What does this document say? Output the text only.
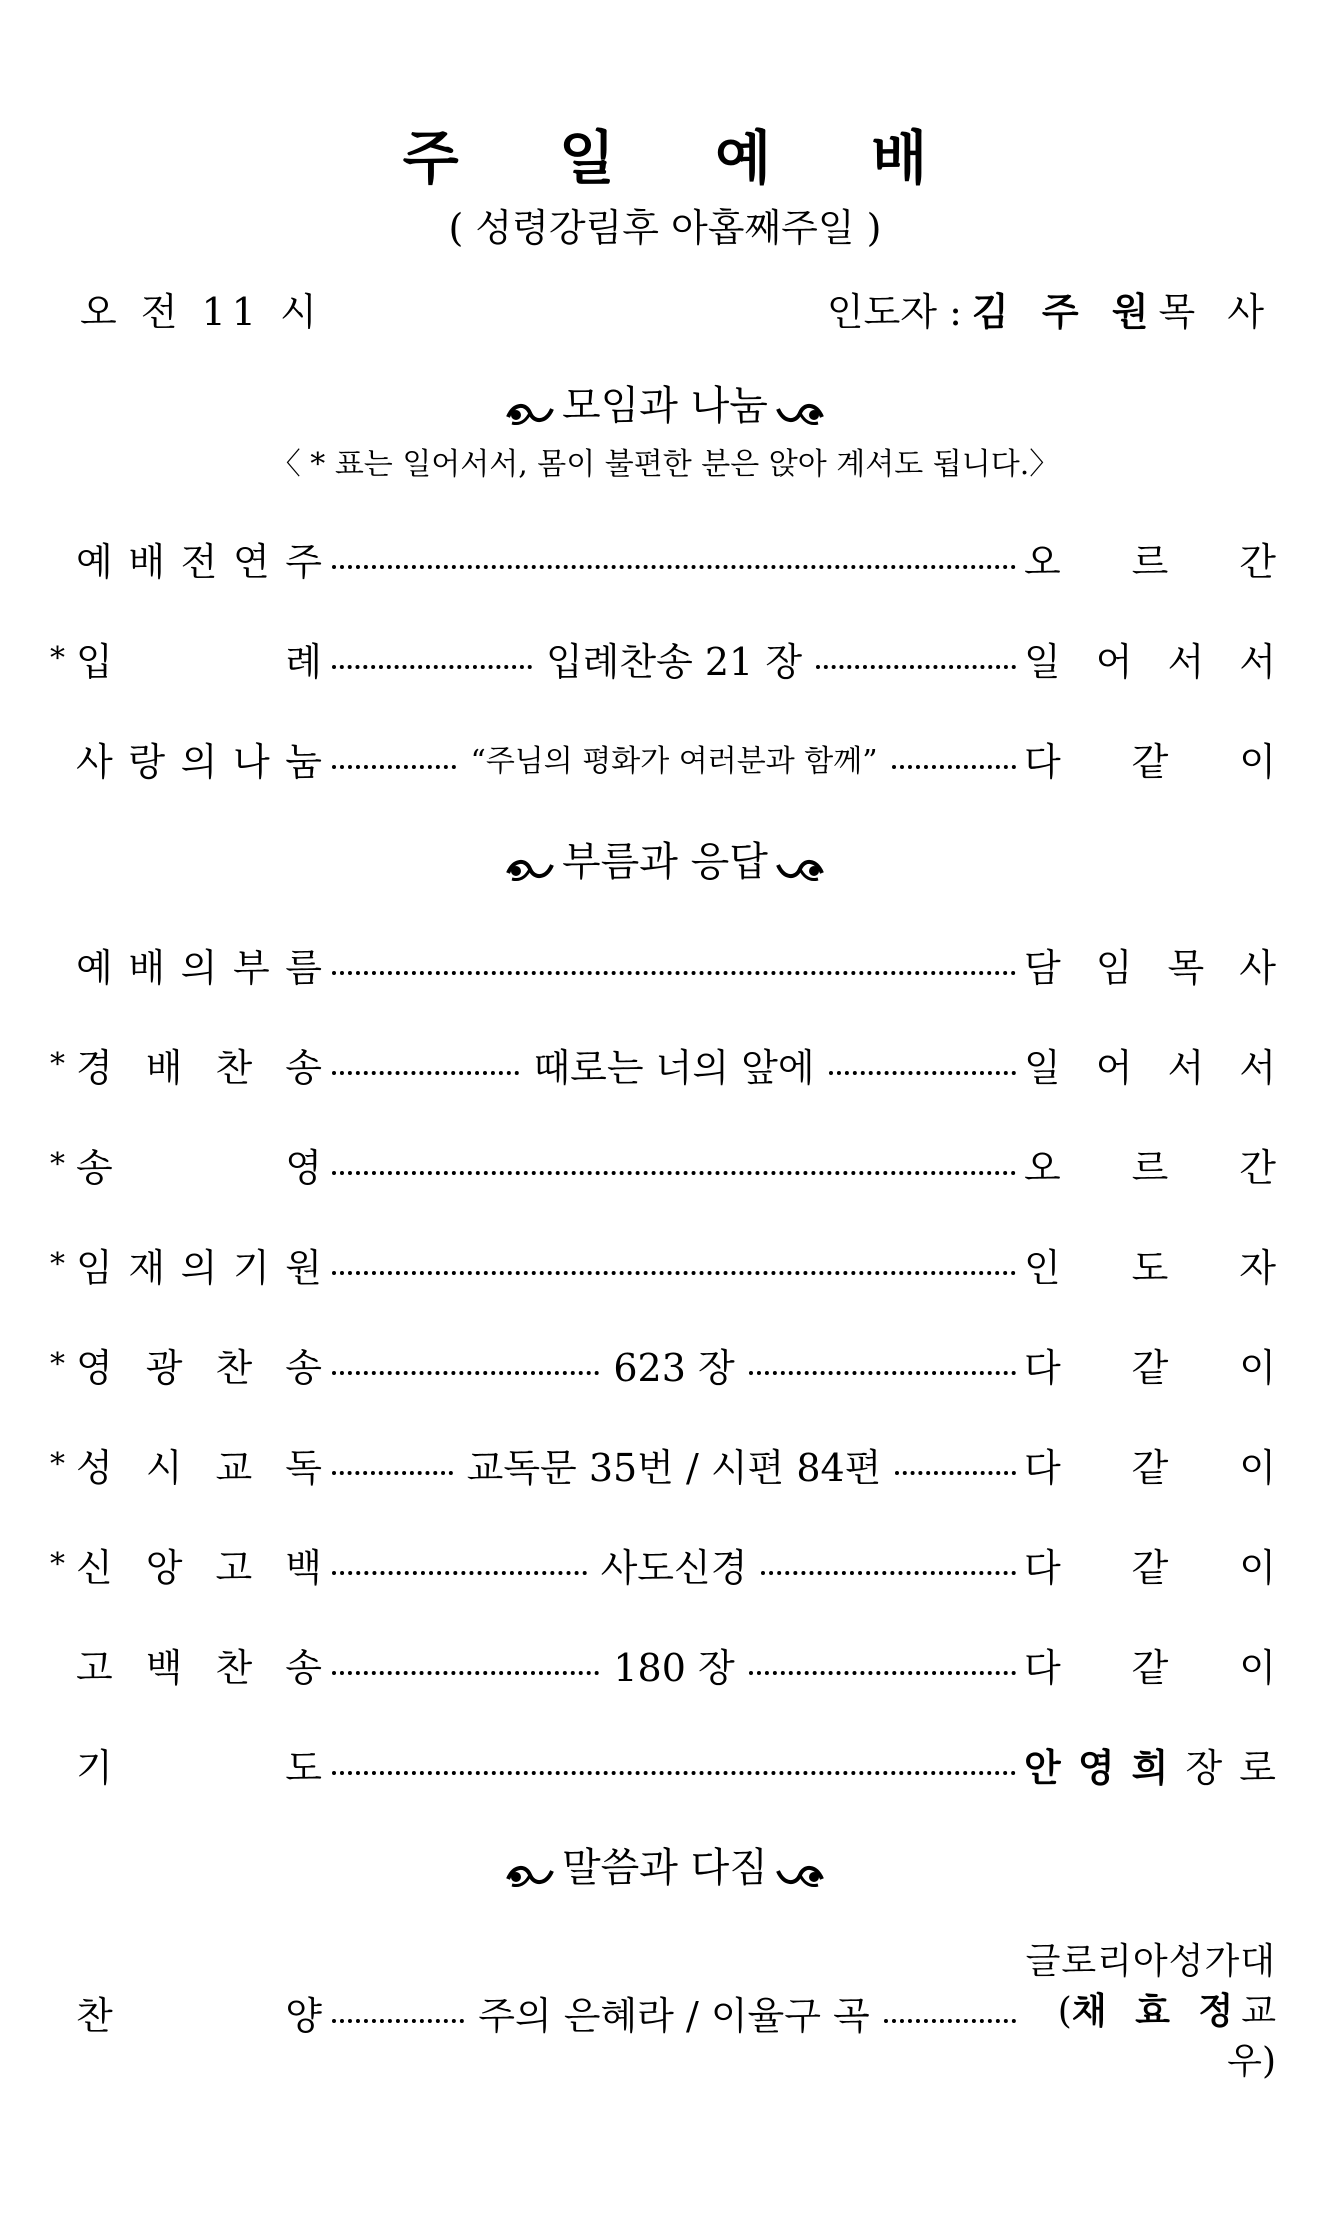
주 일 예 배
( 성령강림후 아홉째주일 )
오 전 11 시	인도자 : 김 주 원 목 사
모임과 나눔
〈 * 표는 일어서서, 몸이 불편한 분은 앉아 계셔도 됩니다.〉
예 배 전 연 주	오 르 간
* 입	례	입례찬송 21 장	일 어 서 서
사 랑 의 나 눔	“주님의 평화가 여러분과 함께”	다 같 이
부름과 응답
예 배 의 부 름	담 임 목 사
* 경 배 찬 송	때로는 너의 앞에	일 어 서 서
* 송	영	오 르 간
* 임 재 의 기 원	인 도 자
* 영 광 찬 송	623 장	다 같 이
* 성 시 교 독	교독문 35번 / 시편 84편	다 같 이
* 신 앙 고 백	사도신경	다 같 이
고 백 찬 송	180 장	다 같 이
기	도	안 영 희 장 로
말씀과 다짐
찬	양	주의 은혜라 / 이율구 곡
글로리아성가대
(채 효 정교우)
